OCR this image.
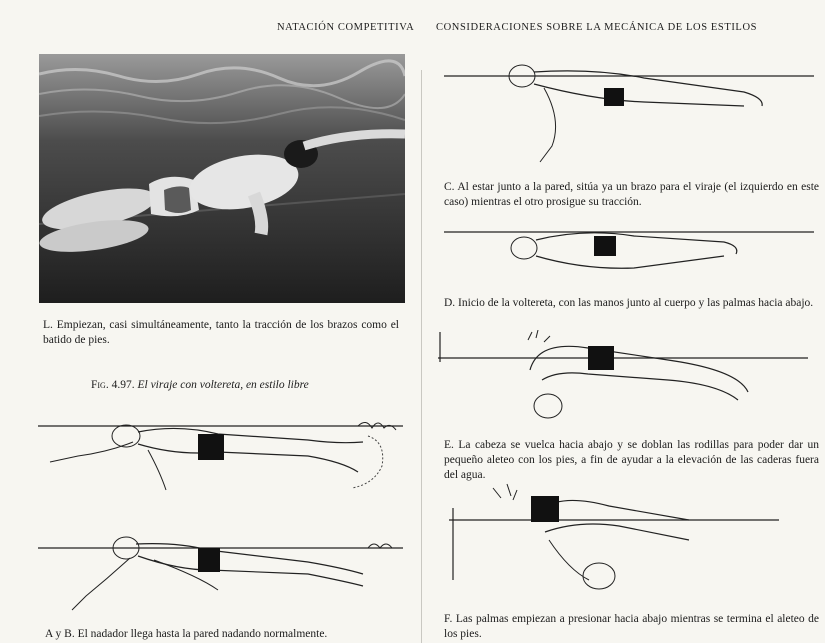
NATACIÓN COMPETITIVA CONSIDERACIONES SOBRE LA MECÁNICA DE LOS ESTILOS
L. Empiezan, casi simultáneamente, tanto la tracción de los brazos como el batido de pies.
Fig. 4.97. El viraje con voltereta, en estilo libre
A y B. El nadador llega hasta la pared nadando normalmente.
C. Al estar junto a la pared, sitúa ya un brazo para el viraje (el izquierdo en este caso) mientras el otro prosigue su tracción.
D. Inicio de la voltereta, con las manos junto al cuerpo y las palmas hacia abajo.
E. La cabeza se vuelca hacia abajo y se doblan las rodillas para poder dar un pequeño aleteo con los pies, a fin de ayudar a la elevación de las caderas fuera del agua.
F. Las palmas empiezan a presionar hacia abajo mientras se termina el aleteo de los pies.
